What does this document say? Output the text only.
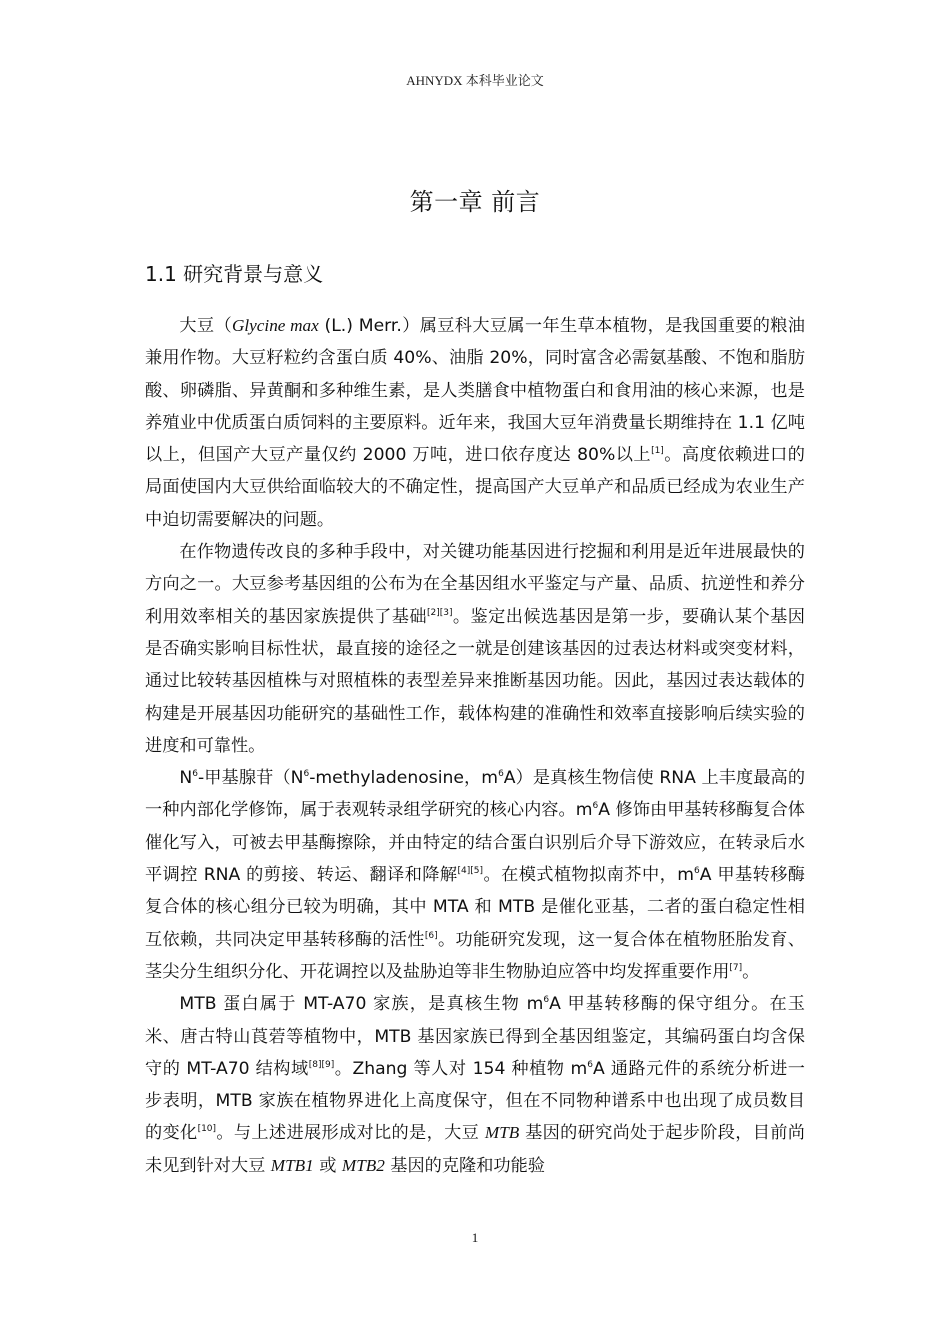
AHNYDX 本科毕业论文
第一章 前言
1.1 研究背景与意义

大豆（Glycine max (L.) Merr.）属豆科大豆属一年生草本植物，是我国重要的粮油兼用作物。大豆籽粒约含蛋白质 40%、油脂 20%，同时富含必需氨基酸、不饱和脂肪酸、卵磷脂、异黄酮和多种维生素，是人类膳食中植物蛋白和食用油的核心来源，也是养殖业中优质蛋白质饲料的主要原料。近年来，我国大豆年消费量长期维持在 1.1 亿吨以上，但国产大豆产量仅约 2000 万吨，进口依存度达 80%以上[1]。高度依赖进口的局面使国内大豆供给面临较大的不确定性，提高国产大豆单产和品质已经成为农业生产中迫切需要解决的问题。

在作物遗传改良的多种手段中，对关键功能基因进行挖掘和利用是近年进展最快的方向之一。大豆参考基因组的公布为在全基因组水平鉴定与产量、品质、抗逆性和养分利用效率相关的基因家族提供了基础[2][3]。鉴定出候选基因是第一步，要确认某个基因是否确实影响目标性状，最直接的途径之一就是创建该基因的过表达材料或突变材料，通过比较转基因植株与对照植株的表型差异来推断基因功能。因此，基因过表达载体的构建是开展基因功能研究的基础性工作，载体构建的准确性和效率直接影响后续实验的进度和可靠性。

$N^6-$甲基腺苷（$N^6$-methyladenosine，$m^6A$）是真核生物信使 RNA 上丰度最高的一种内部化学修饰，属于表观转录组学研究的核心内容。$m^6A$ 修饰由甲基转移酶复合体催化写入，可被去甲基酶擦除，并由特定的结合蛋白识别后介导下游效应，在转录后水平调控 RNA 的剪接、转运、翻译和降解[4][5]。在模式植物拟南芥中，$m^6A$ 甲基转移酶复合体的核心组分已较为明确，其中 MTA 和 MTB 是催化亚基，二者的蛋白稳定性相互依赖，共同决定甲基转移酶的活性[6]。功能研究发现，这一复合体在植物胚胎发育、茎尖分生组织分化、开花调控以及盐胁迫等非生物胁迫应答中均发挥重要作用[7]。

MTB 蛋白属于 MT-A70 家族，是真核生物 $m^6A$ 甲基转移酶的保守组分。在玉米、唐古特山莨菪等植物中，MTB 基因家族已得到全基因组鉴定，其编码蛋白均含保守的 MT-A70 结构域[8][9]。Zhang 等人对 154 种植物 $m^6A$ 通路元件的系统分析进一步表明，MTB 家族在植物界进化上高度保守，但在不同物种谱系中也出现了成员数目的变化[10]。与上述进展形成对比的是，大豆 MTB 基因的研究尚处于起步阶段，目前尚未见到针对大豆 MTB1 或 MTB2 基因的克隆和功能验

1
